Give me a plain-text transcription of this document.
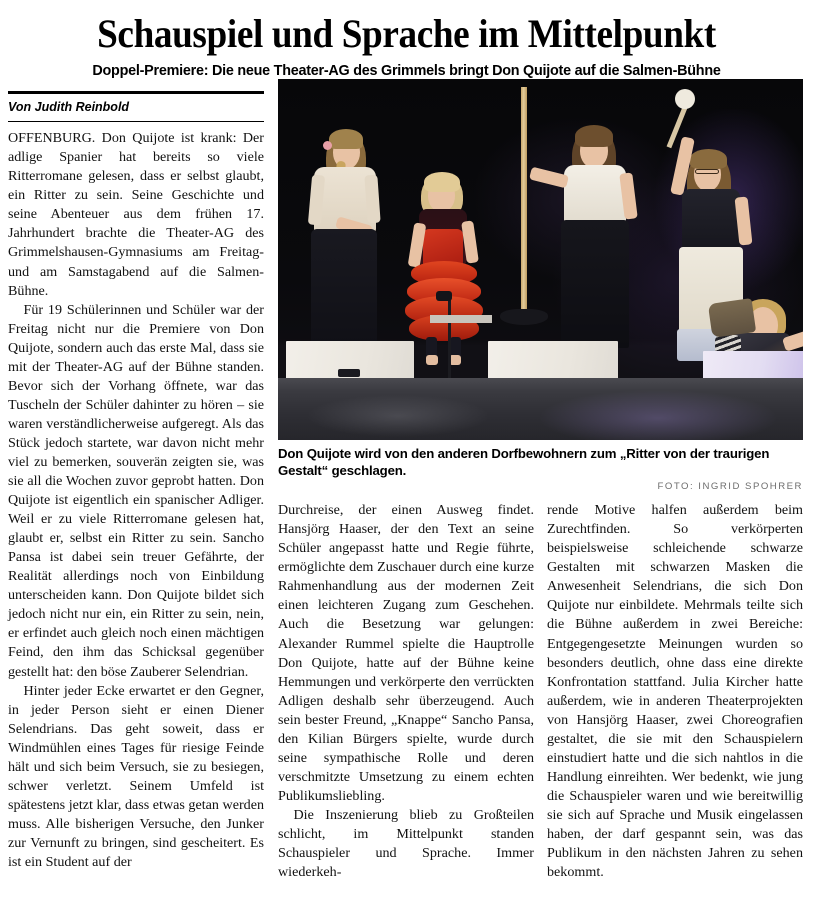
Schauspiel und Sprache im Mittelpunkt
Doppel-Premiere: Die neue Theater-AG des Grimmels bringt Don Quijote auf die Salmen-Bühne
Von Judith Reinbold

OFFENBURG. Don Quijote ist krank: Der adlige Spanier hat bereits so viele Ritterromane gelesen, dass er selbst glaubt, ein Ritter zu sein. Seine Geschichte und seine Abenteuer aus dem frühen 17. Jahrhundert brachte die Theater-AG des Grimmelshausen-Gymnasiums am Freitag- und am Samstagabend auf die Salmen-Bühne.

Für 19 Schülerinnen und Schüler war der Freitag nicht nur die Premiere von Don Quijote, sondern auch das erste Mal, dass sie mit der Theater-AG auf der Bühne standen. Bevor sich der Vorhang öffnete, war das Tuscheln der Schüler dahinter zu hören – sie waren verständlicherweise aufgeregt. Als das Stück jedoch startete, war davon nicht mehr viel zu bemerken, souverän zeigten sie, was sie all die Wochen zuvor geprobt hatten. Don Quijote ist eigentlich ein spanischer Adliger. Weil er zu viele Ritterromane gelesen hat, glaubt er, selbst ein Ritter zu sein. Sancho Pansa ist dabei sein treuer Gefährte, der Realität allerdings noch von Einbildung unterscheiden kann. Don Quijote bildet sich jedoch nicht nur ein, ein Ritter zu sein, nein, er erfindet auch gleich noch einen mächtigen Feind, den ihm das Schicksal gegenüber gestellt hat: den böse Zauberer Selendrian.

Hinter jeder Ecke erwartet er den Gegner, in jeder Person sieht er einen Diener Selendrians. Das geht soweit, dass er Windmühlen eines Tages für riesige Feinde hält und sich beim Versuch, sie zu besiegen, schwer verletzt. Seinem Umfeld ist spätestens jetzt klar, dass etwas getan werden muss. Alle bisherigen Versuche, den Junker zur Vernunft zu bringen, sind gescheitert. Es ist ein Student auf der

Don Quijote wird von den anderen Dorfbewohnern zum „Ritter von der traurigen Gestalt“ geschlagen.
FOTO: INGRID SPOHRER

Durchreise, der einen Ausweg findet. Hansjörg Haaser, der den Text an seine Schüler angepasst hatte und Regie führte, ermöglichte dem Zuschauer durch eine kurze Rahmenhandlung aus der modernen Zeit einen leichteren Zugang zum Geschehen. Auch die Besetzung war gelungen: Alexander Rummel spielte die Hauptrolle Don Quijote, hatte auf der Bühne keine Hemmungen und verkörperte den verrückten Adligen deshalb sehr überzeugend. Auch sein bester Freund, „Knappe“ Sancho Pansa, den Kilian Bürgers spielte, wurde durch seine sympathische Rolle und deren verschmitzte Umsetzung zu einem echten Publikumsliebling.

Die Inszenierung blieb zu Großteilen schlicht, im Mittelpunkt standen Schauspieler und Sprache. Immer wiederkeh-

rende Motive halfen außerdem beim Zurechtfinden. So verkörperten beispielsweise schleichende schwarze Gestalten mit schwarzen Masken die Anwesenheit Selendrians, die sich Don Quijote nur einbildete. Mehrmals teilte sich die Bühne außerdem in zwei Bereiche: Entgegengesetzte Meinungen wurden so besonders deutlich, ohne dass eine direkte Konfrontation stattfand. Julia Kircher hatte außerdem, wie in anderen Theaterprojekten von Hansjörg Haaser, zwei Choreografien gestaltet, die sie mit den Schauspielern einstudiert hatte und die sich nahtlos in die Handlung einreihten. Wer bedenkt, wie jung die Schauspieler waren und wie bereitwillig sie sich auf Sprache und Musik eingelassen haben, der darf gespannt sein, was das Publikum in den nächsten Jahren zu sehen bekommt.
